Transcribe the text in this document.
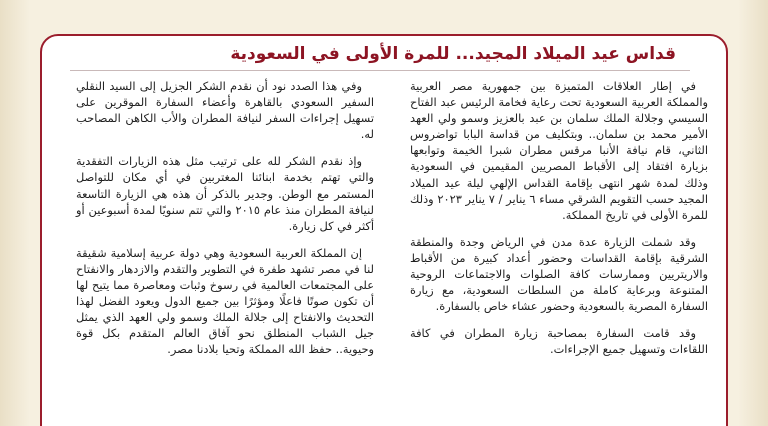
قداس عيد الميلاد المجيد... للمرة الأولى في السعودية

في إطار العلاقات المتميزة بين جمهورية مصر العربية والمملكة العربية السعودية تحت رعاية فخامة الرئيس عبد الفتاح السيسي وجلالة الملك سلمان بن عبد بالعزيز وسمو ولي العهد الأمير محمد بن سلمان.. وبتكليف من قداسة البابا تواضروس الثاني، قام نيافة الأنبا مرقس مطران شبرا الخيمة وتوابعها بزيارة افتقاد إلى الأقباط المصريين المقيمين في السعودية وذلك لمدة شهر انتهى بإقامة القداس الإلهي ليلة عيد الميلاد المجيد حسب التقويم الشرقي مساء ٦ يناير / ٧ يناير ٢٠٢٣ وذلك للمرة الأولى في تاريخ المملكة.

وقد شملت الزيارة عدة مدن في الرياض وجدة والمنطقة الشرقية بإقامة القداسات وحضور أعداد كبيرة من الأقباط والاريتريين وممارسات كافة الصلوات والاجتماعات الروحية المتنوعة وبرعاية كاملة من السلطات السعودية، مع زيارة السفارة المصرية بالسعودية وحضور عشاء خاص بالسفارة.

وقد قامت السفارة بمصاحبة زيارة المطران في كافة اللقاءات وتسهيل جميع الإجراءات.

وفي هذا الصدد نود أن نقدم الشكر الجزيل إلى السيد النقلي السفير السعودي بالقاهرة وأعضاء السفارة الموقرين على تسهيل إجراءات السفر لنيافة المطران والأب الكاهن المصاحب له.

وإذ نقدم الشكر لله على ترتيب مثل هذه الزيارات التفقدية والتي تهتم بخدمة ابنائنا المغتربين في أي مكان للتواصل المستمر مع الوطن. وجدير بالذكر أن هذه هي الزيارة التاسعة لنيافة المطران منذ عام ٢٠١٥ والتي تتم سنويًا لمدة أسبوعين أو أكثر في كل زيارة.

إن المملكة العربية السعودية وهي دولة عربية إسلامية شقيقة لنا في مصر تشهد طفرة في التطوير والتقدم والازدهار والانفتاح على المجتمعات العالمية في رسوخ وثبات ومعاصرة مما يتيح لها أن تكون صوتًا فاعلًا ومؤثرًا بين جميع الدول ويعود الفضل لهذا التحديث والانفتاح إلى جلالة الملك وسمو ولي العهد الذي يمثل جيل الشباب المنطلق نحو آفاق العالم المتقدم بكل قوة وحيوية.. حفظ الله المملكة وتحيا بلادنا مصر.
